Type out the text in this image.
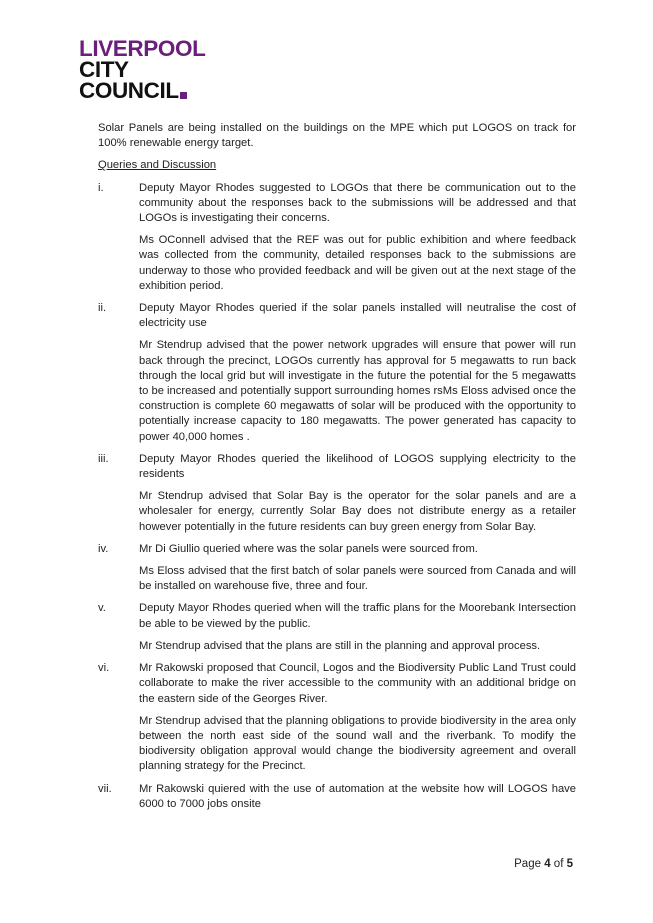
LIVERPOOL
CITY
COUNCIL

Solar Panels are being installed on the buildings on the MPE which put LOGOS on track for 100% renewable energy target.

Queries and Discussion

i.	Deputy Mayor Rhodes suggested to LOGOs that there be communication out to the community about the responses back to the submissions will be addressed and that LOGOs is investigating their concerns.

Ms OConnell advised that the REF was out for public exhibition and where feedback was collected from the community, detailed responses back to the submissions are underway to those who provided feedback and will be given out at the next stage of the exhibition period.

ii.	Deputy Mayor Rhodes queried if the solar panels installed will neutralise the cost of electricity use

Mr Stendrup advised that the power network upgrades will ensure that power will run back through the precinct, LOGOs currently has approval for 5 megawatts to run back through the local grid but will investigate in the future the potential for the 5 megawatts to be increased and potentially support surrounding homes rsMs Eloss advised once the construction is complete 60 megawatts of solar will be produced with the opportunity to potentially increase capacity to 180 megawatts. The power generated has capacity to power 40,000 homes .

iii.	Deputy Mayor Rhodes queried the likelihood of LOGOS supplying electricity to the residents

Mr Stendrup advised that Solar Bay is the operator for the solar panels and are a wholesaler for energy, currently Solar Bay does not distribute energy as a retailer however potentially in the future residents can buy green energy from Solar Bay.

iv.	Mr Di Giullio queried where was the solar panels were sourced from.

Ms Eloss advised that the first batch of solar panels were sourced from Canada and will be installed on warehouse five, three and four.

v.	Deputy Mayor Rhodes queried when will the traffic plans for the Moorebank Intersection be able to be viewed by the public.

Mr Stendrup advised that the plans are still in the planning and approval process.

vi.	Mr Rakowski proposed that Council, Logos and the Biodiversity Public Land Trust could collaborate to make the river accessible to the community with an additional bridge on the eastern side of the Georges River.

Mr Stendrup advised that the planning obligations to provide biodiversity in the area only between the north east side of the sound wall and the riverbank. To modify the biodiversity obligation approval would change the biodiversity agreement and overall planning strategy for the Precinct.

vii. Mr Rakowski quiered with the use of automation at the website how will LOGOS have 6000 to 7000 jobs onsite

Page 4 of 5
